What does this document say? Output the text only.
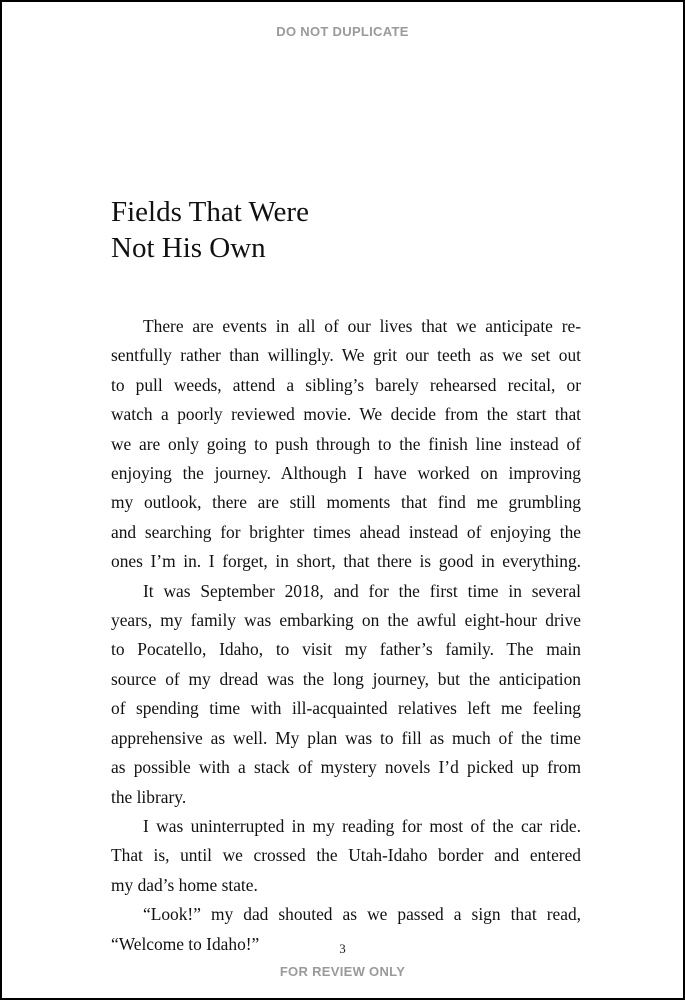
DO NOT DUPLICATE
Fields That Were
Not His Own
There are events in all of our lives that we anticipate re-
sentfully rather than willingly. We grit our teeth as we set out
to pull weeds, attend a sibling’s barely rehearsed recital, or
watch a poorly reviewed movie. We decide from the start that
we are only going to push through to the finish line instead of
enjoying the journey. Although I have worked on improving
my outlook, there are still moments that find me grumbling
and searching for brighter times ahead instead of enjoying the
ones I’m in. I forget, in short, that there is good in everything.
It was September 2018, and for the first time in several
years, my family was embarking on the awful eight-hour drive
to Pocatello, Idaho, to visit my father’s family. The main
source of my dread was the long journey, but the anticipation
of spending time with ill-acquainted relatives left me feeling
apprehensive as well. My plan was to fill as much of the time
as possible with a stack of mystery novels I’d picked up from
the library.
I was uninterrupted in my reading for most of the car ride.
That is, until we crossed the Utah-Idaho border and entered
my dad’s home state.
“Look!” my dad shouted as we passed a sign that read,
“Welcome to Idaho!”	3
FOR REVIEW ONLY
